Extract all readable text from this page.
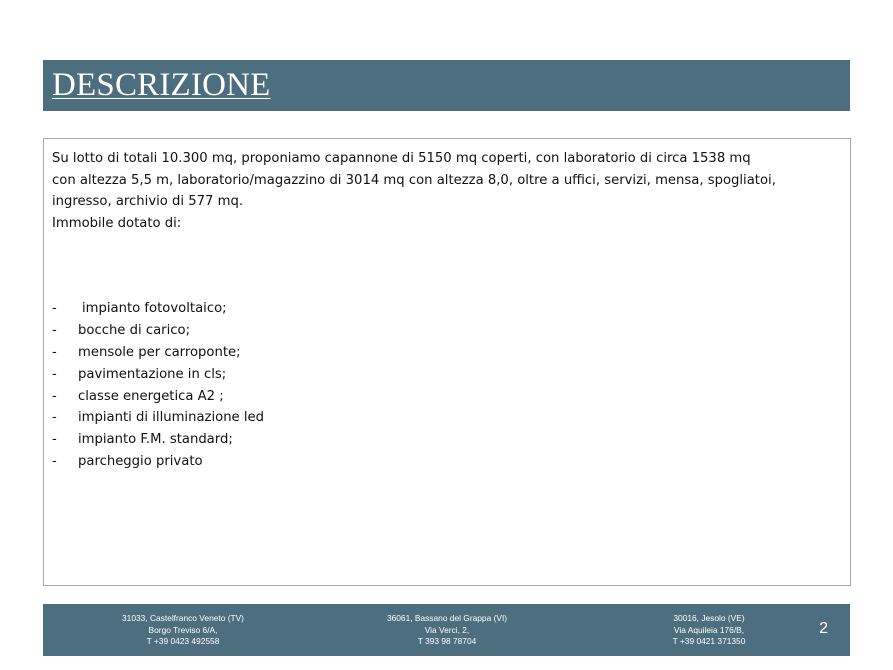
DESCRIZIONE

Su lotto di totali 10.300 mq, proponiamo capannone di 5150 mq coperti, con laboratorio di circa 1538 mq

con altezza 5,5 m, laboratorio/magazzino di 3014 mq con altezza 8,0, oltre a uffici, servizi, mensa, spogliatoi,

ingresso, archivio di 577 mq.

Immobile dotato di:

-	impianto fotovoltaico;
-	bocche di carico;
-	mensole per carroponte;
-	pavimentazione in cls;
-	classe energetica A2 ;
-	impianti di illuminazione led
-	impianto F.M. standard;
-	parcheggio privato
31033, Castelfranco Veneto (TV)
Borgo Treviso 6/A,
T +39 0423 492558
36061, Bassano del Grappa (VI)
Via Verci, 2,
T 393 98 78704
30016, Jesolo (VE)
Via Aquileia 176/B,
T +39 0421 371350
2
